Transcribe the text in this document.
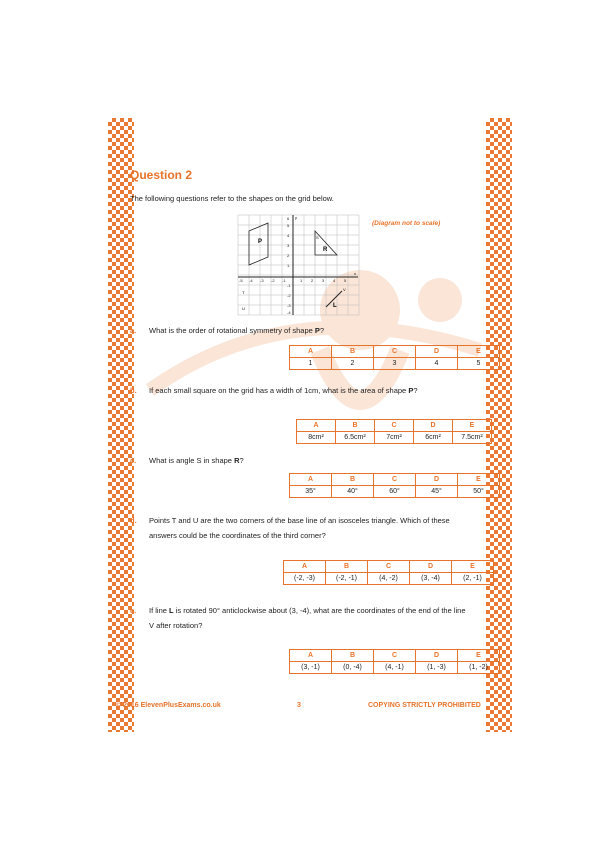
Question 2
The following questions refer to the shapes on the grid below.
(Diagram not to scale)
-5 -4 -3 -2 -1	1 2 3 4 5
6
5
4
3
2
1
-1
-2
-3
-4
P
R
S
L
V
T
U
x
y
a. What is the order of rotational symmetry of shape P?
A	B	C	D	E
1	2	3	4	5
b. If each small square on the grid has a width of 1cm, what is the area of shape P?
A	B	C	D	E
8cm²	6.5cm²	7cm²	6cm²	7.5cm²
c. What is angle S in shape R?
A	B	C	D	E
35°	40°	60°	45°	50°
d. Points T and U are the two corners of the base line of an isosceles triangle. Which of these answers could be the coordinates of the third corner?
A	B	C	D	E
(-2, -3)	(-2, -1)	(4, -2)	(3, -4)	(2, -1)
e. If line L is rotated 90° anticlockwise about (3, -4), what are the coordinates of the end of the line V after rotation?
A	B	C	D	E
(3, -1)	(0, -4)	(4, -1)	(1, -3)	(1, -2)
© 2016 ElevenPlusExams.co.uk	3	COPYING STRICTLY PROHIBITED
